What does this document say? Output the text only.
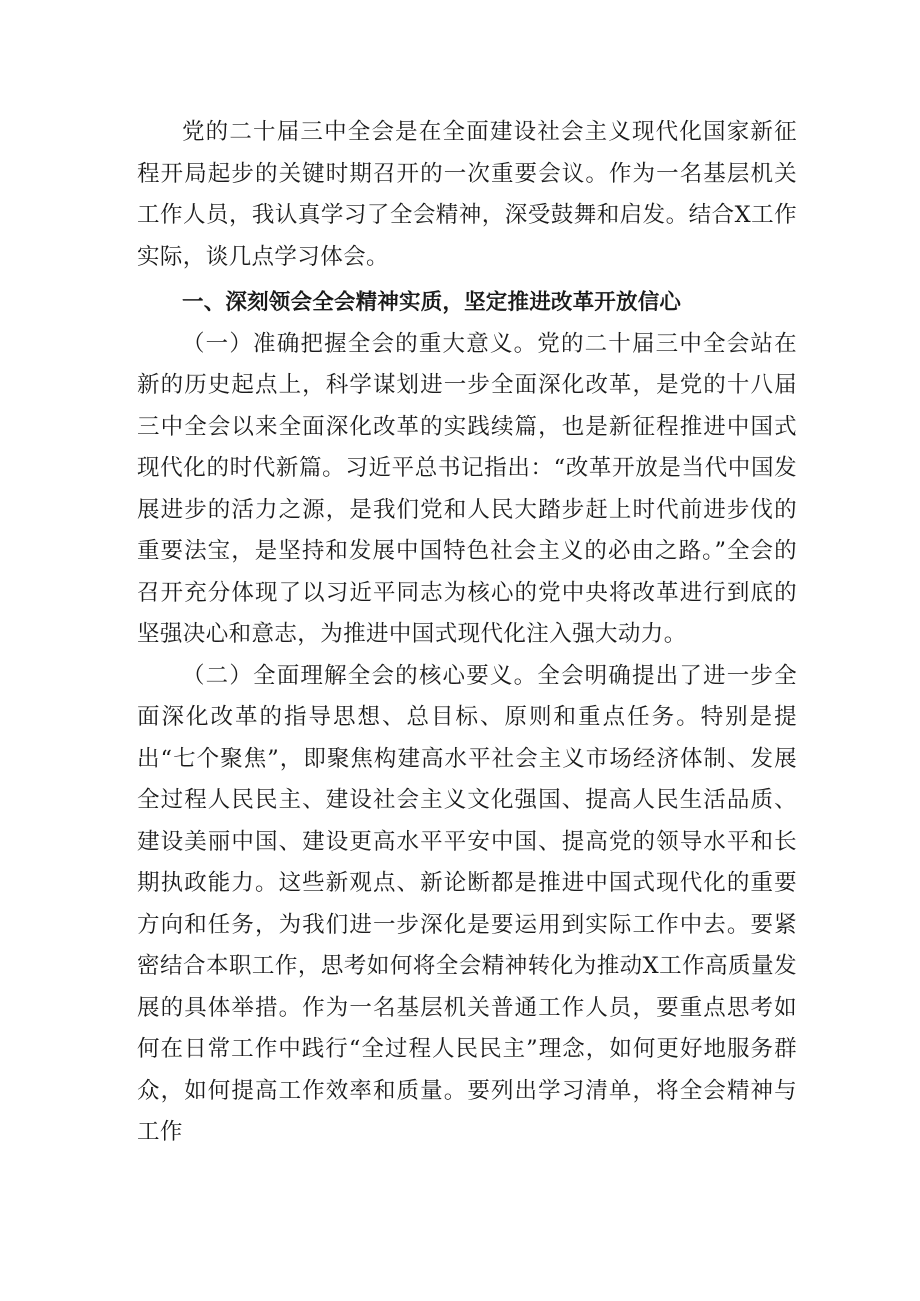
党的二十届三中全会是在全面建设社会主义现代化国家新征程开局起步的关键时期召开的一次重要会议。作为一名基层机关工作人员，我认真学习了全会精神，深受鼓舞和启发。结合X工作实际，谈几点学习体会。

一、深刻领会全会精神实质，坚定推进改革开放信心

（一）准确把握全会的重大意义。党的二十届三中全会站在新的历史起点上，科学谋划进一步全面深化改革，是党的十八届三中全会以来全面深化改革的实践续篇，也是新征程推进中国式现代化的时代新篇。习近平总书记指出：“改革开放是当代中国发展进步的活力之源，是我们党和人民大踏步赶上时代前进步伐的重要法宝，是坚持和发展中国特色社会主义的必由之路。”全会的召开充分体现了以习近平同志为核心的党中央将改革进行到底的坚强决心和意志，为推进中国式现代化注入强大动力。

（二）全面理解全会的核心要义。全会明确提出了进一步全面深化改革的指导思想、总目标、原则和重点任务。特别是提出“七个聚焦”，即聚焦构建高水平社会主义市场经济体制、发展全过程人民民主、建设社会主义文化强国、提高人民生活品质、建设美丽中国、建设更高水平平安中国、提高党的领导水平和长期执政能力。这些新观点、新论断都是推进中国式现代化的重要方向和任务，为我们进一步深化是要运用到实际工作中去。要紧密结合本职工作，思考如何将全会精神转化为推动X工作高质量发展的具体举措。作为一名基层机关普通工作人员，要重点思考如何在日常工作中践行“全过程人民民主”理念，如何更好地服务群众，如何提高工作效率和质量。要列出学习清单，将全会精神与工作
